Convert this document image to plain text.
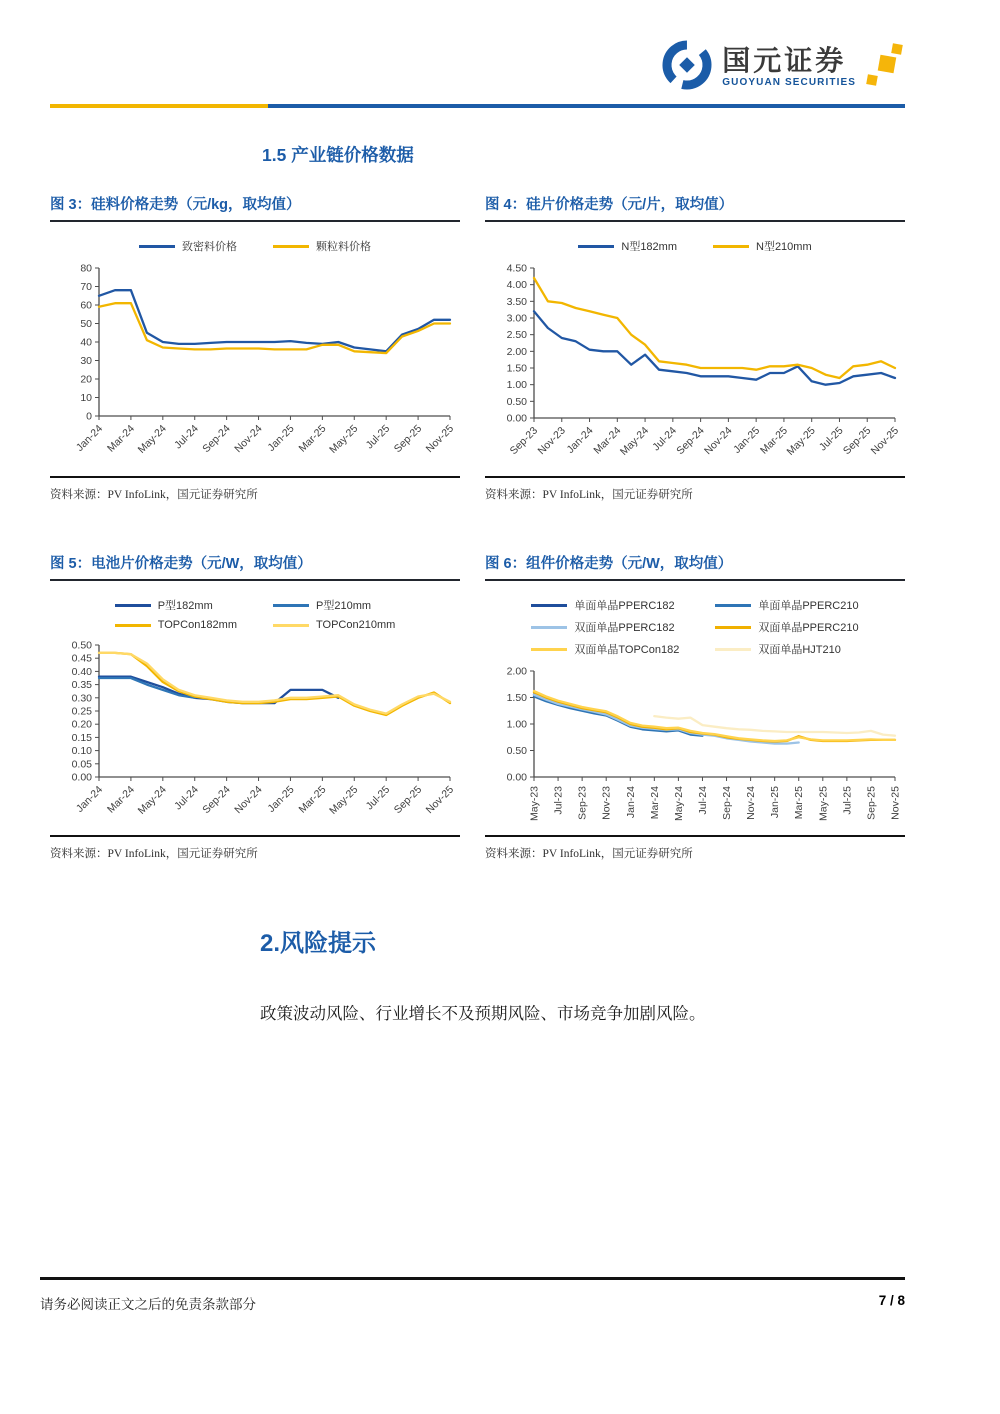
国元证券
GUOYUAN SECURITIES
1.5 产业链价格数据
图 3：硅料价格走势（元/kg，取均值）
致密料价格	颗粒料价格
0
10
20
30
40
50
60
70
80
Jan-24 Mar-24
May-24 Jul-24 Sep-24 Nov-24 Jan-25 Mar-25
May-25 Jul-25 Sep-25 Nov-25
资料来源：PV InfoLink，国元证券研究所
图 4：硅片价格走势（元/片，取均值）
N型182mm	N型210mm
0.00
0.50
1.00
1.50
2.00
2.50
3.00
3.50
4.00
4.50
Sep-23
Nov-23
Jan-24
Mar-24
May-24 Jul-24
Sep-24
Nov-24
Jan-25
Mar-25
May-25 Jul-25
Sep-25
Nov-25
资料来源：PV InfoLink，国元证券研究所
图 5：电池片价格走势（元/W，取均值）
P型182mm	P型210mm
TOPCon182mm	TOPCon210mm
0.00
0.05
0.10
0.15
0.20
0.25
0.30
0.35
0.40
0.45
0.50
Jan-24 Mar-24
May-24 Jul-24 Sep-24 Nov-24 Jan-25 Mar-25
May-25 Jul-25 Sep-25 Nov-25
资料来源：PV InfoLink，国元证券研究所
图 6：组件价格走势（元/W，取均值）
单面单晶PPERC182	单面单晶PPERC210
双面单晶PPERC182	双面单晶PPERC210
双面单晶TOPCon182	双面单晶HJT210
0.00
0.50
1.00
1.50
2.00
May-23 Jul-23 Sep-23 Nov-23 Jan-24 Mar-24 May-24 Jul-24 Sep-24 Nov-24 Jan-25 Mar-25 May-25 Jul-25 Sep-25 Nov-25
资料来源：PV InfoLink，国元证券研究所
2.风险提示
政策波动风险、行业增长不及预期风险、市场竞争加剧风险。
请务必阅读正文之后的免责条款部分	7 / 8
